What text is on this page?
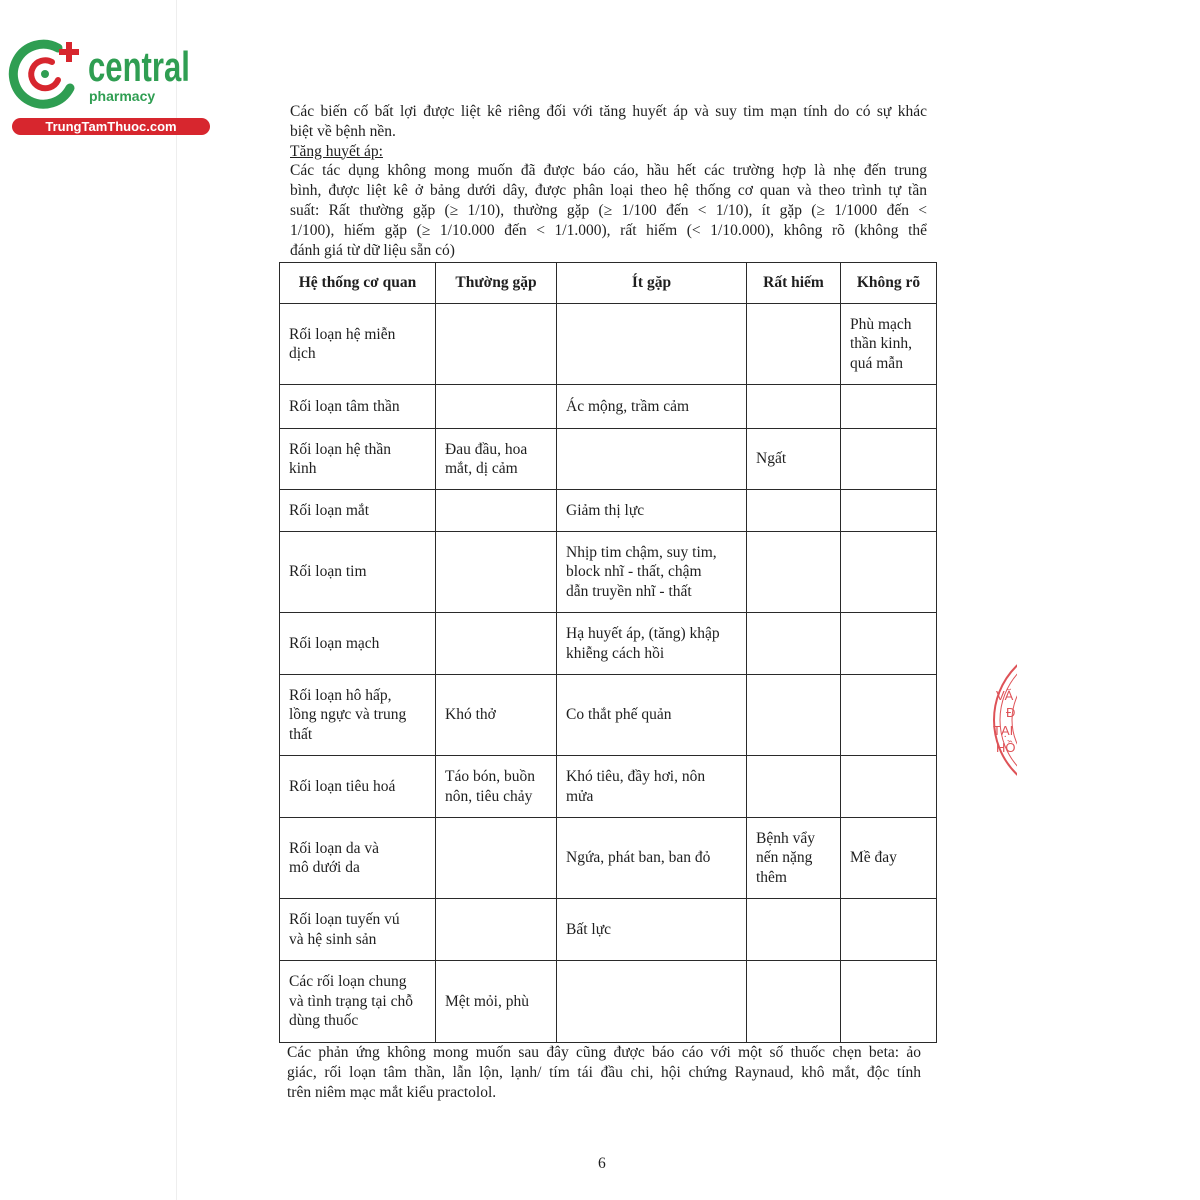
central
pharmacy
TrungTamThuoc.com
Các biến cố bất lợi được liệt kê riêng đối với tăng huyết áp và suy tim mạn tính do có sự khác
biệt về bệnh nền.
Tăng huyết áp:
Các tác dụng không mong muốn đã được báo cáo, hầu hết các trường hợp là nhẹ đến trung
bình, được liệt kê ở bảng dưới dây, được phân loại theo hệ thống cơ quan và theo trình tự tần
suất: Rất thường gặp (≥ 1/10), thường gặp (≥ 1/100 đến < 1/10), ít gặp (≥ 1/1000 đến <
1/100), hiếm gặp (≥ 1/10.000 đến < 1/1.000), rất hiếm (< 1/10.000), không rõ (không thể
đánh giá từ dữ liệu sẵn có)
Hệ thống cơ quan	Thường gặp	Ít gặp	Rất hiếm	Không rõ
Rối loạn hệ miễn
dịch				Phù mạch
thần kinh,
quá mẫn
Rối loạn tâm thần		Ác mộng, trầm cảm		
Rối loạn hệ thần
kinh	Đau đầu, hoa
mắt, dị cảm		Ngất	
Rối loạn mắt		Giảm thị lực		
Rối loạn tim		Nhịp tim chậm, suy tim,
block nhĩ - thất, chậm
dẫn truyền nhĩ - thất		
Rối loạn mạch		Hạ huyết áp, (tăng) khập
khiễng cách hồi		
Rối loạn hô hấp,
lồng ngực và trung
thất	Khó thở	Co thắt phế quản		
Rối loạn tiêu hoá	Táo bón, buồn
nôn, tiêu chảy	Khó tiêu, đầy hơi, nôn
mửa		
Rối loạn da và
mô dưới da		Ngứa, phát ban, ban đỏ	Bệnh vẩy
nến nặng
thêm	Mề đay
Rối loạn tuyến vú
và hệ sinh sản		Bất lực		
Các rối loạn chung
và tình trạng tại chỗ
dùng thuốc	Mệt mỏi, phù			
Các phản ứng không mong muốn sau đây cũng được báo cáo với một số thuốc chẹn beta: ảo
giác, rối loạn tâm thần, lẫn lộn, lạnh/ tím tái đầu chi, hội chứng Raynaud, khô mắt, độc tính
trên niêm mạc mắt kiểu practolol.
6
VĂ
Đ
TẠI
HỒ
